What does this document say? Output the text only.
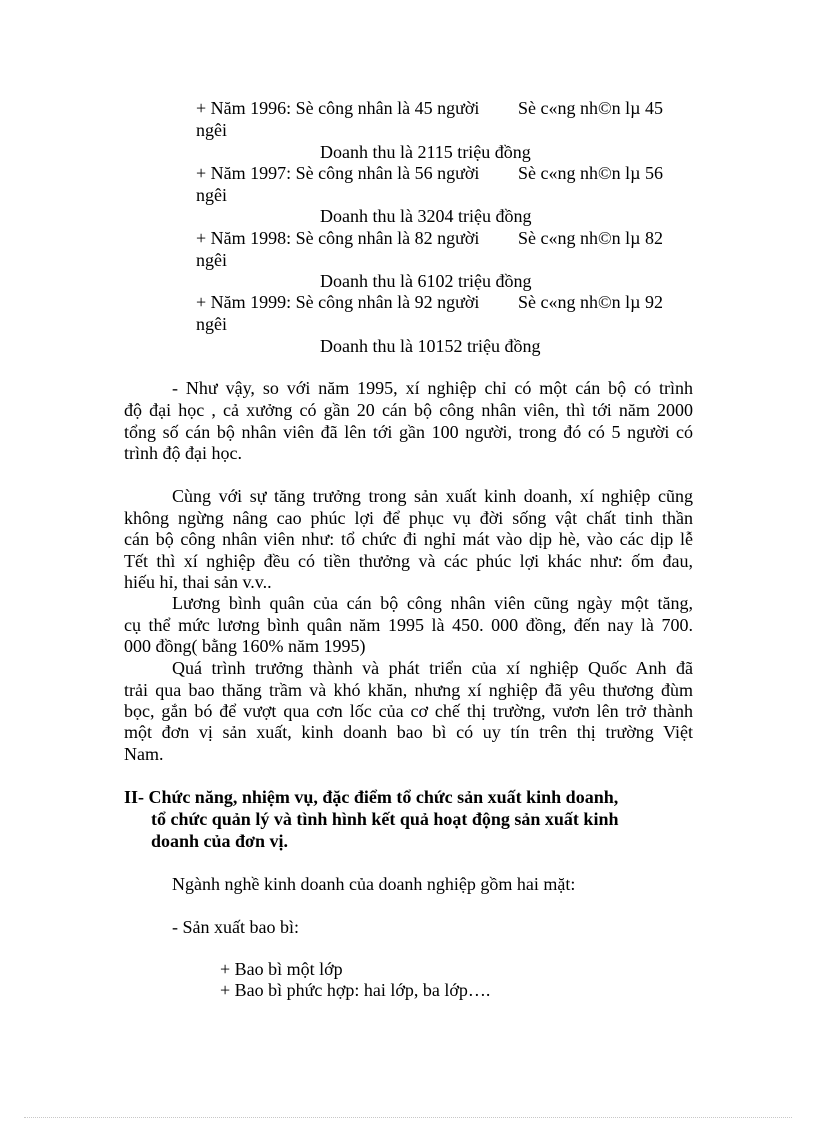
+ Năm 1996: Sè công nhân là 45 người Sè c«ng nh©n lµ 45
ngêi
Doanh thu là 2115 triệu đồng
+ Năm 1997: Sè công nhân là 56 người Sè c«ng nh©n lµ 56
ngêi
Doanh thu là 3204 triệu đồng
+ Năm 1998: Sè công nhân là 82 người Sè c«ng nh©n lµ 82
ngêi
Doanh thu là 6102 triệu đồng
+ Năm 1999: Sè công nhân là 92 người Sè c«ng nh©n lµ 92
ngêi
Doanh thu là 10152 triệu đồng
- Như vậy, so với năm 1995, xí nghiệp chỉ có một cán bộ có trình
độ đại học , cả xưởng có gần 20 cán bộ công nhân viên, thì tới năm 2000
tổng số cán bộ nhân viên đã lên tới gần 100 người, trong đó có 5 người có
trình độ đại học.
Cùng với sự tăng trưởng trong sản xuất kinh doanh, xí nghiệp cũng
không ngừng nâng cao phúc lợi để phục vụ đời sống vật chất tinh thần
cán bộ công nhân viên như: tổ chức đi nghỉ mát vào dịp hè, vào các dịp lễ
Tết thì xí nghiệp đều có tiền thưởng và các phúc lợi khác như: ốm đau,
hiếu hỉ, thai sản v.v..
Lương bình quân của cán bộ công nhân viên cũng ngày một tăng,
cụ thể mức lương bình quân năm 1995 là 450. 000 đồng, đến nay là 700.
000 đồng( bằng 160% năm 1995)
Quá trình trưởng thành và phát triển của xí nghiệp Quốc Anh đã
trải qua bao thăng trầm và khó khăn, nhưng xí nghiệp đã yêu thương đùm
bọc, gắn bó để vượt qua cơn lốc của cơ chế thị trường, vươn lên trở thành
một đơn vị sản xuất, kinh doanh bao bì có uy tín trên thị trường Việt
Nam.
II- Chức năng, nhiệm vụ, đặc điểm tổ chức sản xuất kinh doanh,
tổ chức quản lý và tình hình kết quả hoạt động sản xuất kinh
doanh của đơn vị.
Ngành nghề kinh doanh của doanh nghiệp gồm hai mặt:
- Sản xuất bao bì:
+ Bao bì một lớp
+ Bao bì phức hợp: hai lớp, ba lớp….
